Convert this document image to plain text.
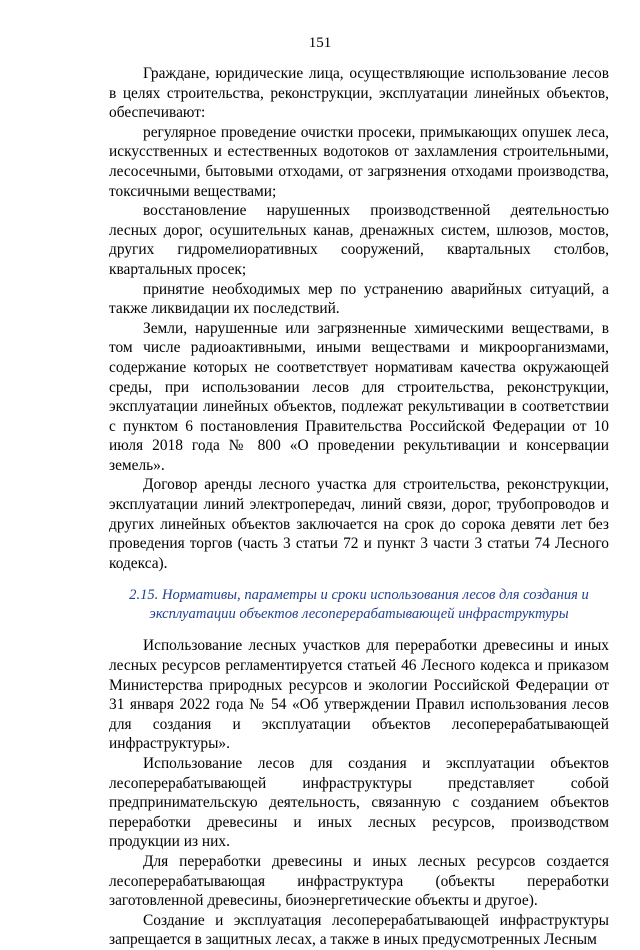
151

Граждане, юридические лица, осуществляющие использование лесов в целях строительства, реконструкции, эксплуатации линейных объектов, обеспечивают:

регулярное проведение очистки просеки, примыкающих опушек леса, искусственных и естественных водотоков от захламления строительными, лесосечными, бытовыми отходами, от загрязнения отходами производства, токсичными веществами;

восстановление нарушенных производственной деятельностью лесных дорог, осушительных канав, дренажных систем, шлюзов, мостов, других гидромелиоративных сооружений, квартальных столбов, квартальных просек;

принятие необходимых мер по устранению аварийных ситуаций, а также ликвидации их последствий.

Земли, нарушенные или загрязненные химическими веществами, в том числе радиоактивными, иными веществами и микроорганизмами, содержание которых не соответствует нормативам качества окружающей среды, при использовании лесов для строительства, реконструкции, эксплуатации линейных объектов, подлежат рекультивации в соответствии с пунктом 6 постановления Правительства Российской Федерации от 10 июля 2018 года № 800 «О проведении рекультивации и консервации земель».

Договор аренды лесного участка для строительства, реконструкции, эксплуатации линий электропередач, линий связи, дорог, трубопроводов и других линейных объектов заключается на срок до сорока девяти лет без проведения торгов (часть 3 статьи 72 и пункт 3 части 3 статьи 74 Лесного кодекса).

2.15. Нормативы, параметры и сроки использования лесов для создания и эксплуатации объектов лесоперерабатывающей инфраструктуры

Использование лесных участков для переработки древесины и иных лесных ресурсов регламентируется статьей 46 Лесного кодекса и приказом Министерства природных ресурсов и экологии Российской Федерации от 31 января 2022 года № 54 «Об утверждении Правил использования лесов для создания и эксплуатации объектов лесоперерабатывающей инфраструктуры».

Использование лесов для создания и эксплуатации объектов лесоперерабатывающей инфраструктуры представляет собой предпринимательскую деятельность, связанную с созданием объектов переработки древесины и иных лесных ресурсов, производством продукции из них.

Для переработки древесины и иных лесных ресурсов создается лесоперерабатывающая инфраструктура (объекты переработки заготовленной древесины, биоэнергетические объекты и другое).

Создание и эксплуатация лесоперерабатывающей инфраструктуры запрещается в защитных лесах, а также в иных предусмотренных Лесным
